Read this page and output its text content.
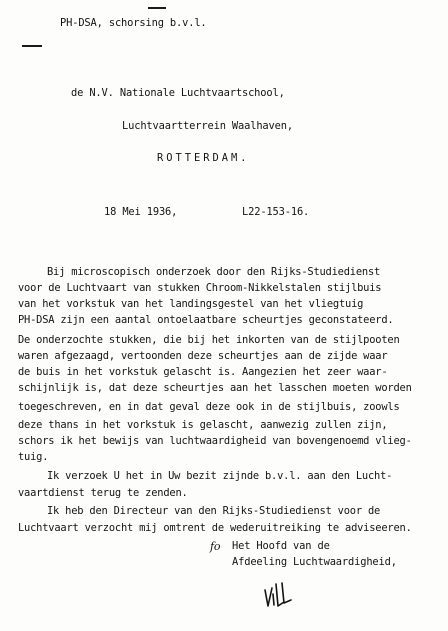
PH-DSA, schorsing b.v.l.
de N.V. Nationale Luchtvaartschool,
Luchtvaartterrein Waalhaven,
ROTTERDAM.
18 Mei 1936,	L22-153-16.
Bij microscopisch onderzoek door den Rijks-Studiedienst
voor de Luchtvaart van stukken Chroom-Nikkelstalen stijlbuis
van het vorkstuk van het landingsgestel van het vliegtuig
PH-DSA zijn een aantal ontoelaatbare scheurtjes geconstateerd.
De onderzochte stukken, die bij het inkorten van de stijlpooten
waren afgezaagd, vertoonden deze scheurtjes aan de zijde waar
de buis in het vorkstuk gelascht is. Aangezien het zeer waar-
schijnlijk is, dat deze scheurtjes aan het lasschen moeten worden
toegeschreven, en in dat geval deze ook in de stijlbuis, zoowls
deze thans in het vorkstuk is gelascht, aanwezig zullen zijn,
schors ik het bewijs van luchtwaardigheid van bovengenoemd vlieg-
tuig.
Ik verzoek U het in Uw bezit zijnde b.v.l. aan den Lucht-
vaartdienst terug te zenden.
Ik heb den Directeur van den Rijks-Studiedienst voor de
Luchtvaart verzocht mij omtrent de wederuitreiking te adviseeren.
fo Het Hoofd van de
Afdeeling Luchtwaardigheid,
